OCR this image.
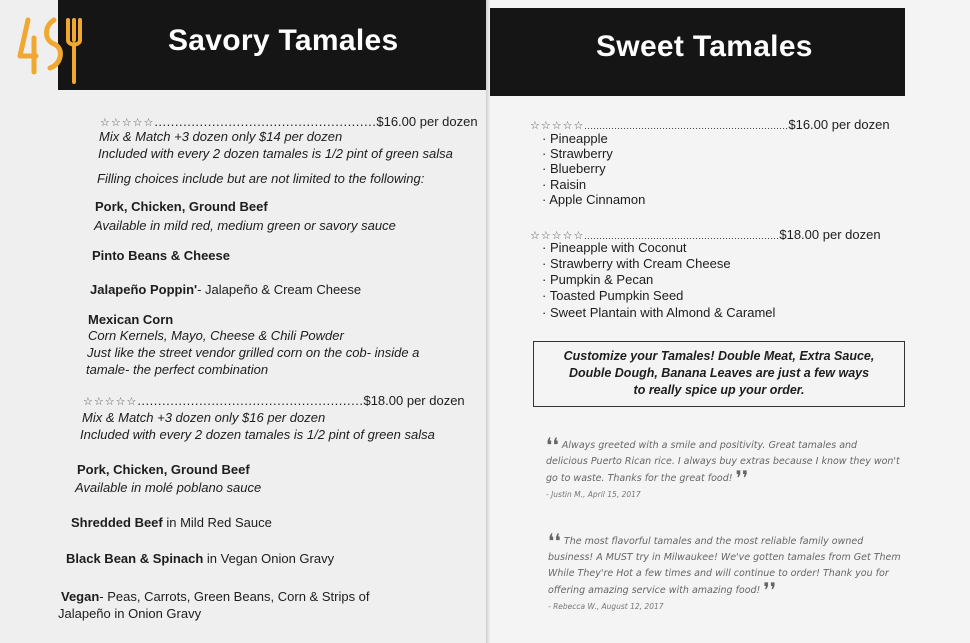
Savory Tamales
☆☆☆☆☆......................................................$16.00 per dozen
Mix & Match +3 dozen only $14 per dozen
Included with every 2 dozen tamales is 1/2 pint of green salsa
Filling choices include but are not limited to the following:
Pork, Chicken, Ground Beef
Available in mild red, medium green or savory sauce
Pinto Beans & Cheese
Jalapeño Poppin'- Jalapeño & Cream Cheese
Mexican Corn
Corn Kernels, Mayo, Cheese & Chili Powder
Just like the street vendor grilled corn on the cob- inside a
tamale- the perfect combination
☆☆☆☆☆.......................................................$18.00 per dozen
Mix & Match +3 dozen only $16 per dozen
Included with every 2 dozen tamales is 1/2 pint of green salsa
Pork, Chicken, Ground Beef
Available in molé poblano sauce
Shredded Beef in Mild Red Sauce
Black Bean & Spinach in Vegan Onion Gravy
Vegan- Peas, Carrots, Green Beans, Corn & Strips of
Jalapeño in Onion Gravy
Sweet Tamales
☆☆☆☆☆....................................................................$16.00 per dozen
· Pineapple
· Strawberry
· Blueberry
· Raisin
· Apple Cinnamon
☆☆☆☆☆.................................................................$18.00 per dozen
· Pineapple with Coconut
· Strawberry with Cream Cheese
· Pumpkin & Pecan
· Toasted Pumpkin Seed
· Sweet Plantain with Almond & Caramel
Customize your Tamales! Double Meat, Extra Sauce,
Double Dough, Banana Leaves are just a few ways
to really spice up your order.
❛❛ Always greeted with a smile and positivity. Great tamales and
delicious Puerto Rican rice. I always buy extras because I know they won't
go to waste. Thanks for the great food! ❜❜
- Justin M., April 15, 2017
❛❛ The most flavorful tamales and the most reliable family owned
business! A MUST try in Milwaukee! We've gotten tamales from Get Them
While They're Hot a few times and will continue to order! Thank you for
offering amazing service with amazing food! ❜❜
- Rebecca W., August 12, 2017
